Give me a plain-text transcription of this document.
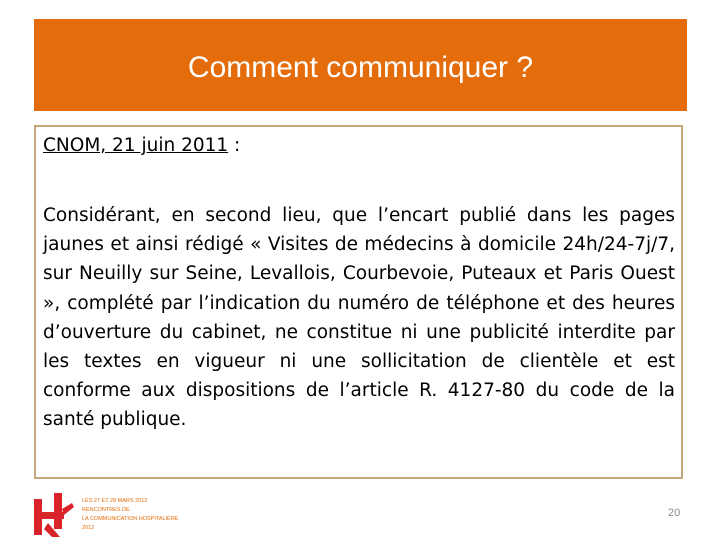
Comment communiquer ?
CNOM, 21 juin 2011 :
Considérant, en second lieu, que l’encart publié dans les pages jaunes et ainsi rédigé « Visites de médecins à domicile 24h/24-7j/7, sur Neuilly sur Seine, Levallois, Courbevoie, Puteaux et Paris Ouest », complété par l’indication du numéro de téléphone et des heures d’ouverture du cabinet, ne constitue ni une publicité interdite par les textes en vigueur ni une sollicitation de clientèle et est conforme aux dispositions de l’article R. 4127-80 du code de la santé publique.
LES 27 ET 28 MARS 2012
RENCONTRES DE
LA COMMUNICATION HOSPITALIÈRE
2012
20
